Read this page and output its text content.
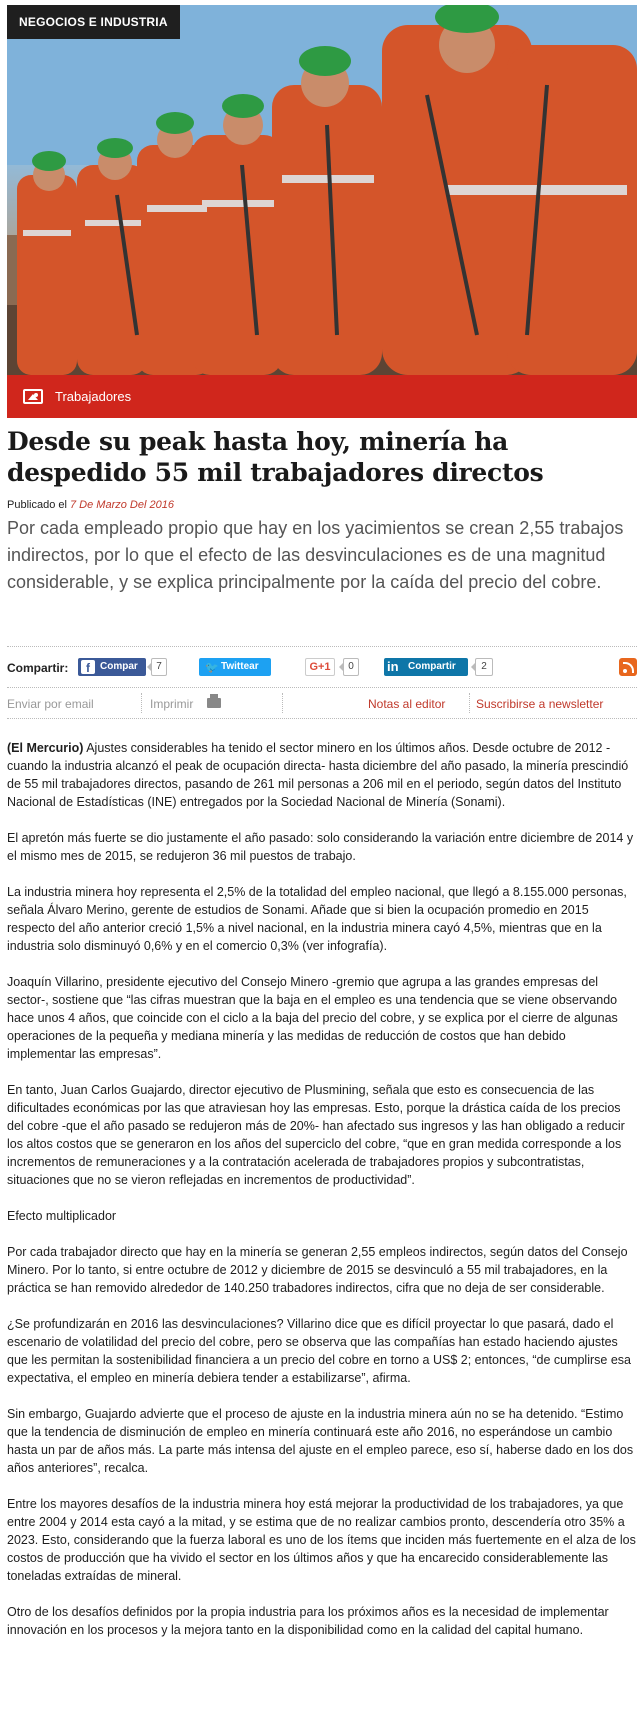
NEGOCIOS E INDUSTRIA
Trabajadores
Desde su peak hasta hoy, minería ha despedido 55 mil trabajadores directos
Publicado el 7 De Marzo Del 2016

Por cada empleado propio que hay en los yacimientos se crean 2,55 trabajos indirectos, por lo que el efecto de las desvinculaciones es de una magnitud considerable, y se explica principalmente por la caída del precio del cobre.

Compartir:	f	Compar	7	🐦 Twittear	G+1	0	in Compartir	2
Enviar por email	Imprimir	Notas al editor	Suscribirse a newsletter

(El Mercurio) Ajustes considerables ha tenido el sector minero en los últimos años. Desde octubre de 2012 -cuando la industria alcanzó el peak de ocupación directa- hasta diciembre del año pasado, la minería prescindió de 55 mil trabajadores directos, pasando de 261 mil personas a 206 mil en el periodo, según datos del Instituto Nacional de Estadísticas (INE) entregados por la Sociedad Nacional de Minería (Sonami).

El apretón más fuerte se dio justamente el año pasado: solo considerando la variación entre diciembre de 2014 y el mismo mes de 2015, se redujeron 36 mil puestos de trabajo.

La industria minera hoy representa el 2,5% de la totalidad del empleo nacional, que llegó a 8.155.000 personas, señala Álvaro Merino, gerente de estudios de Sonami. Añade que si bien la ocupación promedio en 2015 respecto del año anterior creció 1,5% a nivel nacional, en la industria minera cayó 4,5%, mientras que en la industria solo disminuyó 0,6% y en el comercio 0,3% (ver infografía).

Joaquín Villarino, presidente ejecutivo del Consejo Minero -gremio que agrupa a las grandes empresas del sector-, sostiene que “las cifras muestran que la baja en el empleo es una tendencia que se viene observando hace unos 4 años, que coincide con el ciclo a la baja del precio del cobre, y se explica por el cierre de algunas operaciones de la pequeña y mediana minería y las medidas de reducción de costos que han debido implementar las empresas”.

En tanto, Juan Carlos Guajardo, director ejecutivo de Plusmining, señala que esto es consecuencia de las dificultades económicas por las que atraviesan hoy las empresas. Esto, porque la drástica caída de los precios del cobre -que el año pasado se redujeron más de 20%- han afectado sus ingresos y las han obligado a reducir los altos costos que se generaron en los años del superciclo del cobre, “que en gran medida corresponde a los incrementos de remuneraciones y a la contratación acelerada de trabajadores propios y subcontratistas, situaciones que no se vieron reflejadas en incrementos de productividad”.

Efecto multiplicador

Por cada trabajador directo que hay en la minería se generan 2,55 empleos indirectos, según datos del Consejo Minero. Por lo tanto, si entre octubre de 2012 y diciembre de 2015 se desvinculó a 55 mil trabajadores, en la práctica se han removido alrededor de 140.250 trabadores indirectos, cifra que no deja de ser considerable.

¿Se profundizarán en 2016 las desvinculaciones? Villarino dice que es difícil proyectar lo que pasará, dado el escenario de volatilidad del precio del cobre, pero se observa que las compañías han estado haciendo ajustes que les permitan la sostenibilidad financiera a un precio del cobre en torno a US$ 2; entonces, “de cumplirse esa expectativa, el empleo en minería debiera tender a estabilizarse”, afirma.

Sin embargo, Guajardo advierte que el proceso de ajuste en la industria minera aún no se ha detenido. “Estimo que la tendencia de disminución de empleo en minería continuará este año 2016, no esperándose un cambio hasta un par de años más. La parte más intensa del ajuste en el empleo parece, eso sí, haberse dado en los dos años anteriores”, recalca.

Entre los mayores desafíos de la industria minera hoy está mejorar la productividad de los trabajadores, ya que entre 2004 y 2014 esta cayó a la mitad, y se estima que de no realizar cambios pronto, descendería otro 35% a 2023. Esto, considerando que la fuerza laboral es uno de los ítems que inciden más fuertemente en el alza de los costos de producción que ha vivido el sector en los últimos años y que ha encarecido considerablemente las toneladas extraídas de mineral.

Otro de los desafíos definidos por la propia industria para los próximos años es la necesidad de implementar innovación en los procesos y la mejora tanto en la disponibilidad como en la calidad del capital humano.
